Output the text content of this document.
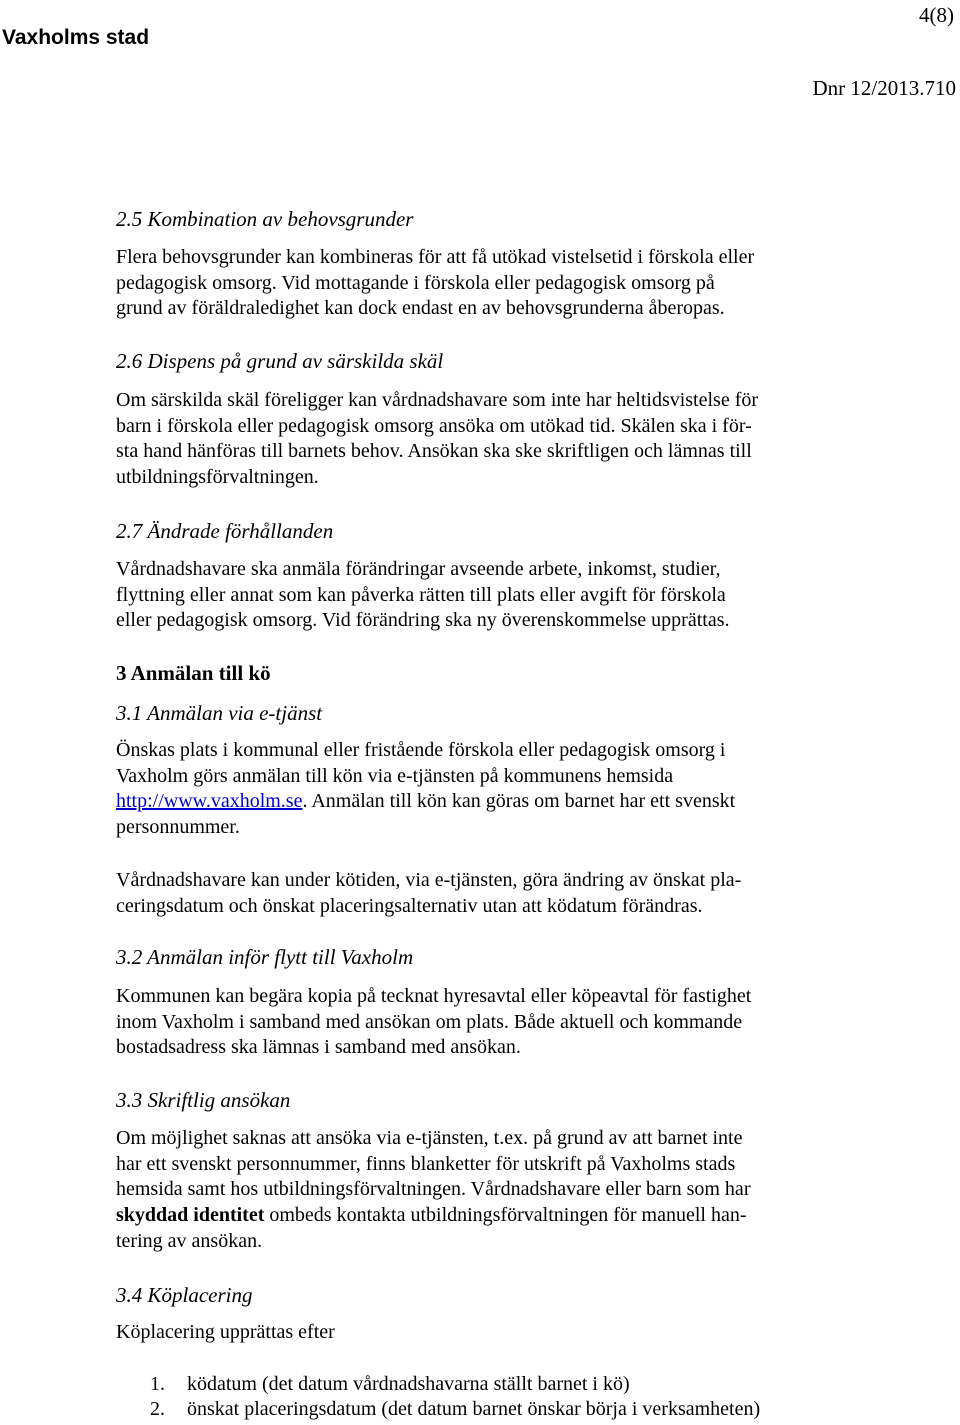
Vaxholms stad
4(8)
Dnr 12/2013.710
2.5 Kombination av behovsgrunder
Flera behovsgrunder kan kombineras för att få utökad vistelsetid i förskola eller
pedagogisk omsorg. Vid mottagande i förskola eller pedagogisk omsorg på
grund av föräldraledighet kan dock endast en av behovsgrunderna åberopas.
2.6 Dispens på grund av särskilda skäl
Om särskilda skäl föreligger kan vårdnadshavare som inte har heltidsvistelse för
barn i förskola eller pedagogisk omsorg ansöka om utökad tid. Skälen ska i för-
sta hand hänföras till barnets behov. Ansökan ska ske skriftligen och lämnas till
utbildningsförvaltningen.
2.7 Ändrade förhållanden
Vårdnadshavare ska anmäla förändringar avseende arbete, inkomst, studier,
flyttning eller annat som kan påverka rätten till plats eller avgift för förskola
eller pedagogisk omsorg. Vid förändring ska ny överenskommelse upprättas.
3 Anmälan till kö
3.1 Anmälan via e-tjänst
Önskas plats i kommunal eller fristående förskola eller pedagogisk omsorg i
Vaxholm görs anmälan till kön via e-tjänsten på kommunens hemsida
http://www.vaxholm.se. Anmälan till kön kan göras om barnet har ett svenskt
personnummer.
Vårdnadshavare kan under kötiden, via e-tjänsten, göra ändring av önskat pla-
ceringsdatum och önskat placeringsalternativ utan att ködatum förändras.
3.2 Anmälan inför flytt till Vaxholm
Kommunen kan begära kopia på tecknat hyresavtal eller köpeavtal för fastighet
inom Vaxholm i samband med ansökan om plats. Både aktuell och kommande
bostadsadress ska lämnas i samband med ansökan.
3.3 Skriftlig ansökan
Om möjlighet saknas att ansöka via e-tjänsten, t.ex. på grund av att barnet inte
har ett svenskt personnummer, finns blanketter för utskrift på Vaxholms stads
hemsida samt hos utbildningsförvaltningen. Vårdnadshavare eller barn som har
skyddad identitet ombeds kontakta utbildningsförvaltningen för manuell han-
tering av ansökan.
3.4 Köplacering
Köplacering upprättas efter
1. ködatum (det datum vårdnadshavarna ställt barnet i kö)
2. önskat placeringsdatum (det datum barnet önskar börja i verksamheten)
